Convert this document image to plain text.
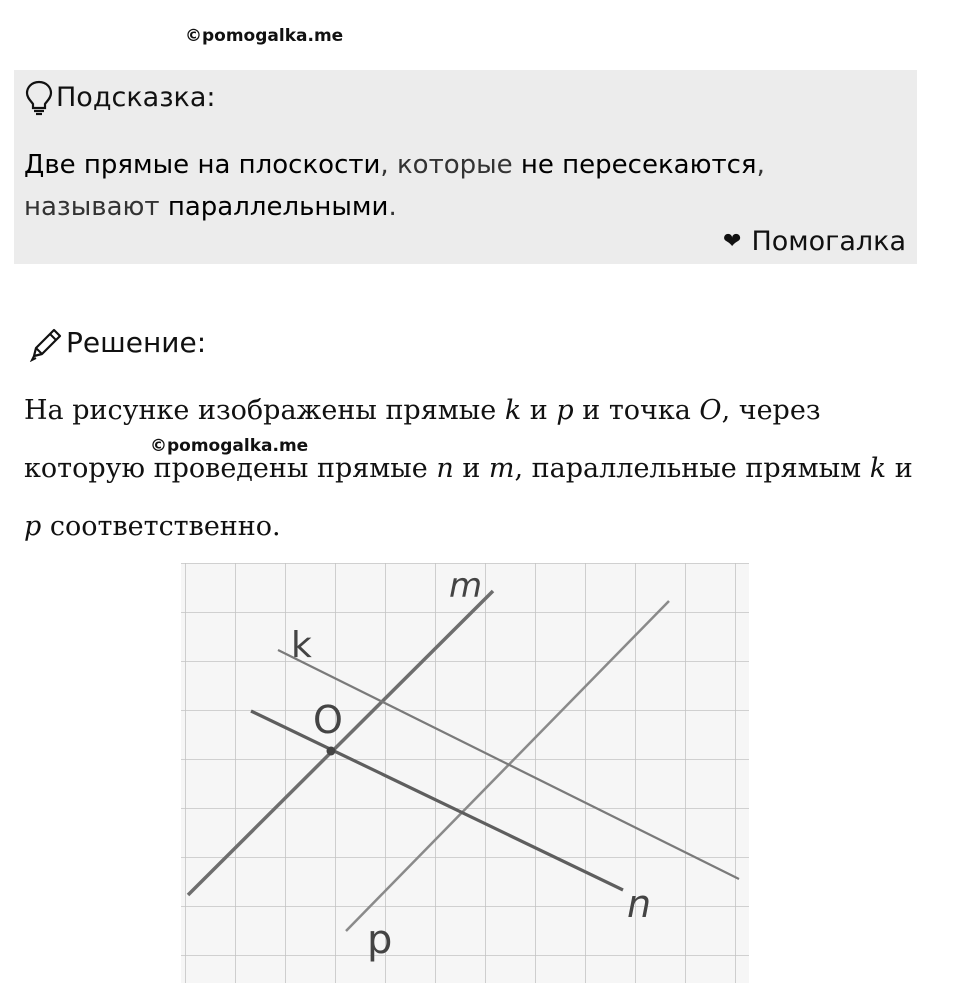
©pomogalka.me
Подсказка:
Две прямые на плоскости, которые не пересекаются,
называют параллельными.
❤ Помогалка
Решение:
На рисунке изображены прямые k и p и точка O, через которую проведены прямые n и m, параллельные прямым k и p соответственно.
©pomogalka.me
m
k
O
n
p
